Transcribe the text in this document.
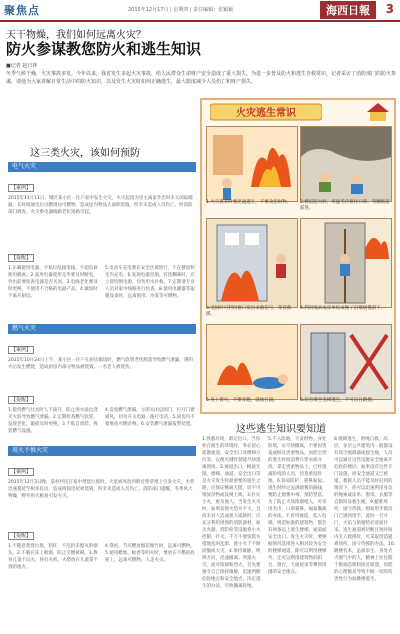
聚焦点	2015年12月17日 | 星期四 | 责任编辑：张颖颖	海西日報	3
天干物燥，我们如何远离火灾？
防火参谋教您防火和逃生知识
■记者 赵日林
冬季气候干燥，火灾事故多发。今年以来，我省发生多起火灾事故，给人民群众生命财产安全造成了重大损失。为进一步普及防火和逃生自救常识，记者采访了消防部门的防火参谋，请他为大家讲解日常生活中的防火知识，以及发生火灾时如何正确逃生，最大限度减少人员伤亡和财产损失。
这三类火灾，该如何预防
电气火灾
【案例】
2015年11月11日，城区某小区一住户家中发生火灾，火灾起因为房主离家外出时未关闭取暖器，长时间通电后引燃周边可燃物，造成屋内物品大面积烧毁，所幸未造成人员伤亡。经消防部门调查，火灾系电器线路老化短路引起。
【提醒】
1.正确使用电器，不私拉乱接电线，不超负荷使用插座。2.家用电器使用完毕要及时断电，外出前要检查电器是否关闭。3.电线老化要及时更换，不使用不合格的电器产品。4.做饭时不离开厨房。
5.电动车充电要在安全区域进行，不在楼道和室内充电。6.发现电器冒烟、有焦糊味时，应立即切断电源，切勿用水扑救。7.定期请专业人员对家中线路进行检查。8.使用电暖器等取暖设备时，远离窗帘、沙发等可燃物。
燃气火灾
【案例】
2015年10月24日上午，某小区一住户在厨房做饭时，燃气软管老化脱落导致燃气泄漏，遇明火后发生燃烧，造成厨房内部分物品被烧毁，一名老人被烧伤。
【提醒】
1.使用燃气灶具时人不离开，防止汤水溢出浇灭火焰导致燃气泄漏。2.定期检查燃气软管，发现老化、破损及时更换。3.不私自改装、拆装燃气设施。
4.发现燃气泄漏，立即关闭总阀门，打开门窗通风，切勿开关电器、拨打电话。5.厨房内不要堆放可燃杂物。6.安装燃气泄漏报警装置。
用火不慎火灾
【案例】
2015年12月3日晚，某村村民在家中焚烧垃圾时，火星被风吹到附近柴草堆上引发火灾，火势迅速蔓延至相邻民房，造成两间房屋被烧毁，所幸未造成人员伤亡。消防部门提醒，冬季风大物燥，野外用火极易引发火灾。
【提醒】
1.不随意焚烧垃圾、秸秆，不乱扔未熄灭的烟头。2.不躺在床上吸烟，防止引燃被褥。3.教育儿童不玩火，将打火机、火柴放在儿童拿不到的地方。
4.祭祀、节庆燃放烟花爆竹时，远离可燃物。5.使用蜡烛、蚊香等明火时，要放在不燃的底座上，远离可燃物，人走火灭。
火灾逃生常识
1.火灾袭来时要迅速逃生，不要贪恋财物。	2.楼道起火时，用湿毛巾捂住口鼻，弯腰低姿前进。
3.受困时可利用窗口发出求救信号，等待救援。
4.利用绳索或床单结成绳子沿墙缓慢滑下。
5.身上着火，不要奔跑，就地打滚。	6.切勿乘坐电梯逃生，不可盲目跳楼。
这些逃生知识要知道
1.熟悉环境，暗记出口。当你处在陌生的环境时，务必留心疏散通道、安全出口及楼梯方位等，以便关键时刻能尽快逃离现场。2.通道出口，畅通无阻。楼梯、通道、安全出口等是火灾发生时最重要的逃生之路，应保证畅通无阻，切不可堆放杂物或设闸上锁。3.扑灭小火，惠及他人。当发生火灾时，如果发现火势并不大，且尚未对人造成很大威胁时，应充分利用周围的消防器材，如灭火器、消防栓等设施将小火控制、扑灭，千万不要惊慌失措地乱叫乱窜，置小火于不顾而酿成大灾。4.保持镇静，明辨方向，迅速撤离。突遇火灾，面对浓烟和烈火，首先要强令自己保持镇静，迅速判断危险地点和安全地点，决定逃生的办法，尽快撤离险地。
5.不入险地，不贪财物。身处险境，应尽快撤离，不要因害羞或顾及贵重物品，而把宝贵的逃生时间浪费在穿衣或寻找、拿走贵重物品上。已经逃离险境的人员，切莫重返险地。6.简易防护，蒙鼻匍匐。逃生时经过充满烟雾的路线，要防止烟雾中毒、预防窒息。为了防止火场浓烟呛入，可采用毛巾、口罩蒙鼻，匍匐撤离的办法。7.善用通道，莫入电梯。规范标准的建筑物，都会有两条以上逃生楼梯、通道或安全出口。发生火灾时，要根据情况选择进入相对较为安全的楼梯通道。除可以利用楼梯外，还可以利用建筑物的阳台、窗台、天面屋顶等攀到周围的安全地点。
8.缓降逃生，滑绳自救。高层、多层公共建筑内一般都设有高空缓降器或救生绳，人员可以通过这些设施安全地离开危险的楼层。如果没有这些专门设施，而安全通道又已被堵，救援人员不能及时赶到的情况下，你可以迅速利用身边的绳索或床单、窗帘、衣服等自制简易救生绳。9.避难场所，固守待援。假如用手摸房门已感到烫手，此时一旦开门，火焰与浓烟势必迎面扑来。逃生通道被切断且短时间内无人救援时，可采取创造避难场所、固守待援的办法。10.跳楼有术，虽损求生。身处火灾烟气中的人，精神上往往陷于极端恐怖和接近崩溃，惊慌的心理极易导致不顾一切的伤害性行为如跳楼逃生。
